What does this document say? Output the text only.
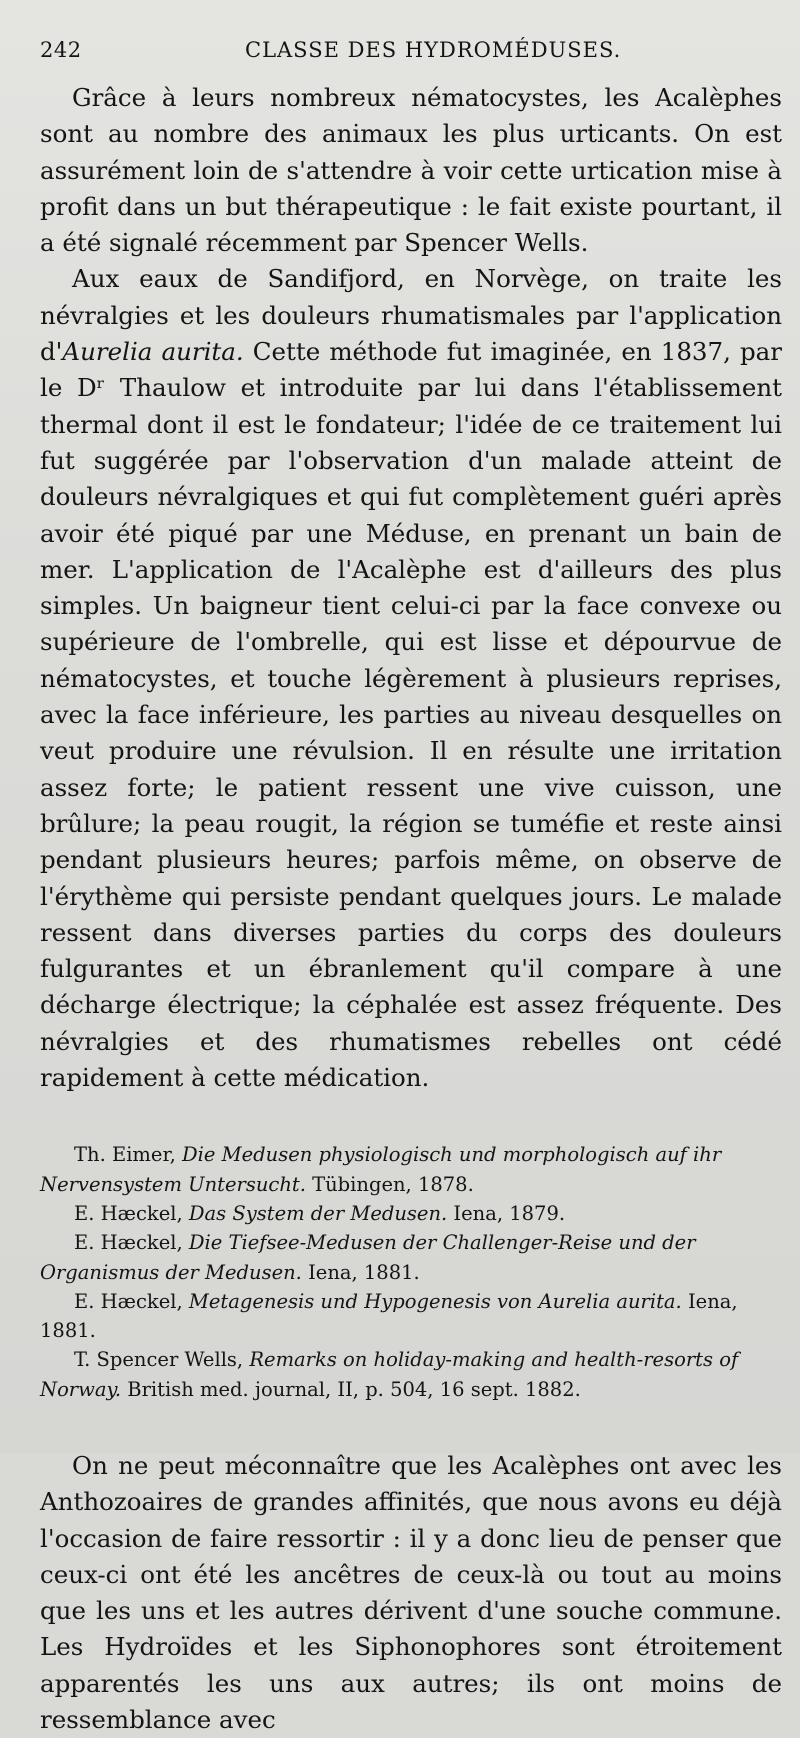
242	CLASSE DES HYDROMÉDUSES.

Grâce à leurs nombreux nématocystes, les Acalèphes sont au nombre des animaux les plus urticants. On est assurément loin de s'attendre à voir cette urtication mise à profit dans un but thérapeutique : le fait existe pourtant, il a été signalé récemment par Spencer Wells.

Aux eaux de Sandifjord, en Norvège, on traite les névralgies et les douleurs rhumatismales par l'application d'Aurelia aurita. Cette méthode fut imaginée, en 1837, par le Dʳ Thaulow et introduite par lui dans l'établissement thermal dont il est le fondateur; l'idée de ce traitement lui fut suggérée par l'observation d'un malade atteint de douleurs névralgiques et qui fut complètement guéri après avoir été piqué par une Méduse, en prenant un bain de mer. L'application de l'Acalèphe est d'ailleurs des plus simples. Un baigneur tient celui-ci par la face convexe ou supérieure de l'ombrelle, qui est lisse et dépourvue de nématocystes, et touche légèrement à plusieurs reprises, avec la face inférieure, les parties au niveau desquelles on veut produire une révulsion. Il en résulte une irritation assez forte; le patient ressent une vive cuisson, une brûlure; la peau rougit, la région se tuméfie et reste ainsi pendant plusieurs heures; parfois même, on observe de l'érythème qui persiste pendant quelques jours. Le malade ressent dans diverses parties du corps des douleurs fulgurantes et un ébranlement qu'il compare à une décharge électrique; la céphalée est assez fréquente. Des névralgies et des rhumatismes rebelles ont cédé rapidement à cette médication.

Th. Eimer, Die Medusen physiologisch und morphologisch auf ihr Nervensystem Untersucht. Tübingen, 1878.

E. Hæckel, Das System der Medusen. Iena, 1879.

E. Hæckel, Die Tiefsee-Medusen der Challenger-Reise und der Organismus der Medusen. Iena, 1881.

E. Hæckel, Metagenesis und Hypogenesis von Aurelia aurita. Iena, 1881.

T. Spencer Wells, Remarks on holiday-making and health-resorts of Norway. British med. journal, II, p. 504, 16 sept. 1882.

On ne peut méconnaître que les Acalèphes ont avec les Anthozoaires de grandes affinités, que nous avons eu déjà l'occasion de faire ressortir : il y a donc lieu de penser que ceux-ci ont été les ancêtres de ceux-là ou tout au moins que les uns et les autres dérivent d'une souche commune. Les Hydroïdes et les Siphonophores sont étroitement apparentés les uns aux autres; ils ont moins de ressemblance avec
